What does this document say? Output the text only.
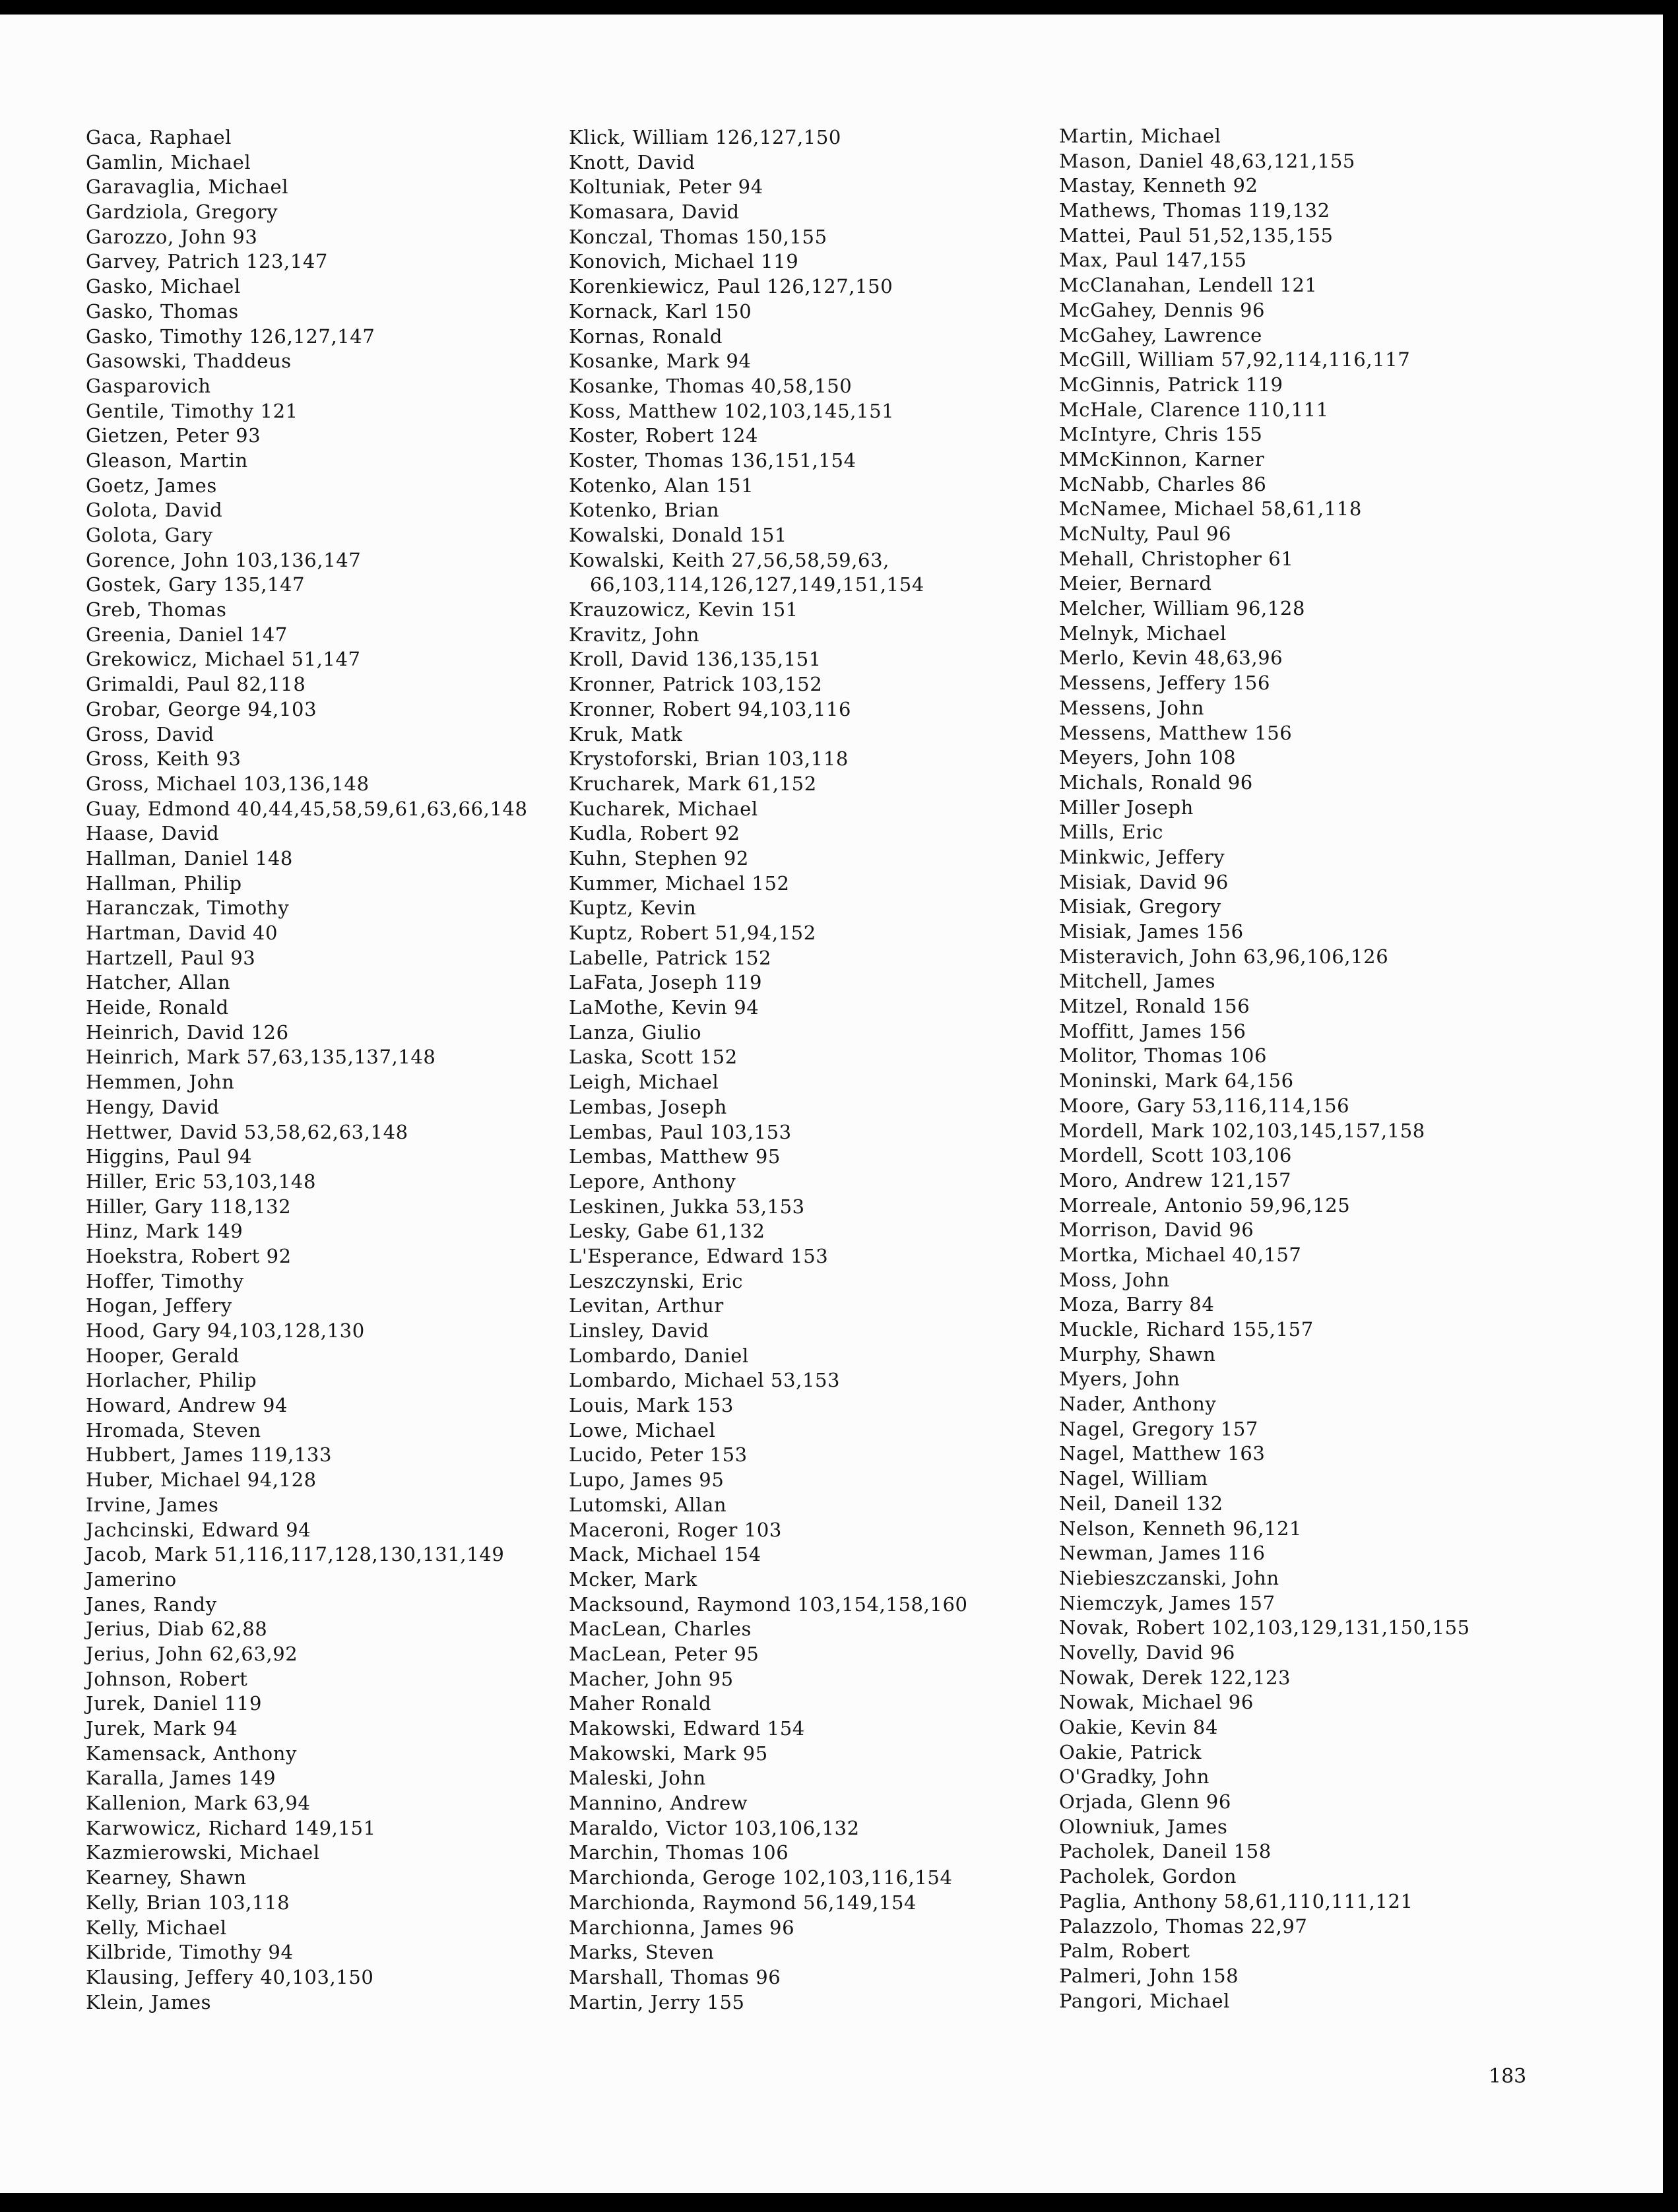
Gaca, Raphael
Gamlin, Michael
Garavaglia, Michael
Gardziola, Gregory
Garozzo, John 93
Garvey, Patrich 123,147
Gasko, Michael
Gasko, Thomas
Gasko, Timothy 126,127,147
Gasowski, Thaddeus
Gasparovich
Gentile, Timothy 121
Gietzen, Peter 93
Gleason, Martin
Goetz, James
Golota, David
Golota, Gary
Gorence, John 103,136,147
Gostek, Gary 135,147
Greb, Thomas
Greenia, Daniel 147
Grekowicz, Michael 51,147
Grimaldi, Paul 82,118
Grobar, George 94,103
Gross, David
Gross, Keith 93
Gross, Michael 103,136,148
Guay, Edmond 40,44,45,58,59,61,63,66,148
Haase, David
Hallman, Daniel 148
Hallman, Philip
Haranczak, Timothy
Hartman, David 40
Hartzell, Paul 93
Hatcher, Allan
Heide, Ronald
Heinrich, David 126
Heinrich, Mark 57,63,135,137,148
Hemmen, John
Hengy, David
Hettwer, David 53,58,62,63,148
Higgins, Paul 94
Hiller, Eric 53,103,148
Hiller, Gary 118,132
Hinz, Mark 149
Hoekstra, Robert 92
Hoffer, Timothy
Hogan, Jeffery
Hood, Gary 94,103,128,130
Hooper, Gerald
Horlacher, Philip
Howard, Andrew 94
Hromada, Steven
Hubbert, James 119,133
Huber, Michael 94,128
Irvine, James
Jachcinski, Edward 94
Jacob, Mark 51,116,117,128,130,131,149
Jamerino
Janes, Randy
Jerius, Diab 62,88
Jerius, John 62,63,92
Johnson, Robert
Jurek, Daniel 119
Jurek, Mark 94
Kamensack, Anthony
Karalla, James 149
Kallenion, Mark 63,94
Karwowicz, Richard 149,151
Kazmierowski, Michael
Kearney, Shawn
Kelly, Brian 103,118
Kelly, Michael
Kilbride, Timothy 94
Klausing, Jeffery 40,103,150
Klein, James
Klick, William 126,127,150
Knott, David
Koltuniak, Peter 94
Komasara, David
Konczal, Thomas 150,155
Konovich, Michael 119
Korenkiewicz, Paul 126,127,150
Kornack, Karl 150
Kornas, Ronald
Kosanke, Mark 94
Kosanke, Thomas 40,58,150
Koss, Matthew 102,103,145,151
Koster, Robert 124
Koster, Thomas 136,151,154
Kotenko, Alan 151
Kotenko, Brian
Kowalski, Donald 151
Kowalski, Keith 27,56,58,59,63,
66,103,114,126,127,149,151,154
Krauzowicz, Kevin 151
Kravitz, John
Kroll, David 136,135,151
Kronner, Patrick 103,152
Kronner, Robert 94,103,116
Kruk, Matk
Krystoforski, Brian 103,118
Krucharek, Mark 61,152
Kucharek, Michael
Kudla, Robert 92
Kuhn, Stephen 92
Kummer, Michael 152
Kuptz, Kevin
Kuptz, Robert 51,94,152
Labelle, Patrick 152
LaFata, Joseph 119
LaMothe, Kevin 94
Lanza, Giulio
Laska, Scott 152
Leigh, Michael
Lembas, Joseph
Lembas, Paul 103,153
Lembas, Matthew 95
Lepore, Anthony
Leskinen, Jukka 53,153
Lesky, Gabe 61,132
L'Esperance, Edward 153
Leszczynski, Eric
Levitan, Arthur
Linsley, David
Lombardo, Daniel
Lombardo, Michael 53,153
Louis, Mark 153
Lowe, Michael
Lucido, Peter 153
Lupo, James 95
Lutomski, Allan
Maceroni, Roger 103
Mack, Michael 154
Mcker, Mark
Macksound, Raymond 103,154,158,160
MacLean, Charles
MacLean, Peter 95
Macher, John 95
Maher Ronald
Makowski, Edward 154
Makowski, Mark 95
Maleski, John
Mannino, Andrew
Maraldo, Victor 103,106,132
Marchin, Thomas 106
Marchionda, Geroge 102,103,116,154
Marchionda, Raymond 56,149,154
Marchionna, James 96
Marks, Steven
Marshall, Thomas 96
Martin, Jerry 155
Martin, Michael
Mason, Daniel 48,63,121,155
Mastay, Kenneth 92
Mathews, Thomas 119,132
Mattei, Paul 51,52,135,155
Max, Paul 147,155
McClanahan, Lendell 121
McGahey, Dennis 96
McGahey, Lawrence
McGill, William 57,92,114,116,117
McGinnis, Patrick 119
McHale, Clarence 110,111
McIntyre, Chris 155
MMcKinnon, Karner
McNabb, Charles 86
McNamee, Michael 58,61,118
McNulty, Paul 96
Mehall, Christopher 61
Meier, Bernard
Melcher, William 96,128
Melnyk, Michael
Merlo, Kevin 48,63,96
Messens, Jeffery 156
Messens, John
Messens, Matthew 156
Meyers, John 108
Michals, Ronald 96
Miller Joseph
Mills, Eric
Minkwic, Jeffery
Misiak, David 96
Misiak, Gregory
Misiak, James 156
Misteravich, John 63,96,106,126
Mitchell, James
Mitzel, Ronald 156
Moffitt, James 156
Molitor, Thomas 106
Moninski, Mark 64,156
Moore, Gary 53,116,114,156
Mordell, Mark 102,103,145,157,158
Mordell, Scott 103,106
Moro, Andrew 121,157
Morreale, Antonio 59,96,125
Morrison, David 96
Mortka, Michael 40,157
Moss, John
Moza, Barry 84
Muckle, Richard 155,157
Murphy, Shawn
Myers, John
Nader, Anthony
Nagel, Gregory 157
Nagel, Matthew 163
Nagel, William
Neil, Daneil 132
Nelson, Kenneth 96,121
Newman, James 116
Niebieszczanski, John
Niemczyk, James 157
Novak, Robert 102,103,129,131,150,155
Novelly, David 96
Nowak, Derek 122,123
Nowak, Michael 96
Oakie, Kevin 84
Oakie, Patrick
O'Gradky, John
Orjada, Glenn 96
Olowniuk, James
Pacholek, Daneil 158
Pacholek, Gordon
Paglia, Anthony 58,61,110,111,121
Palazzolo, Thomas 22,97
Palm, Robert
Palmeri, John 158
Pangori, Michael
183
